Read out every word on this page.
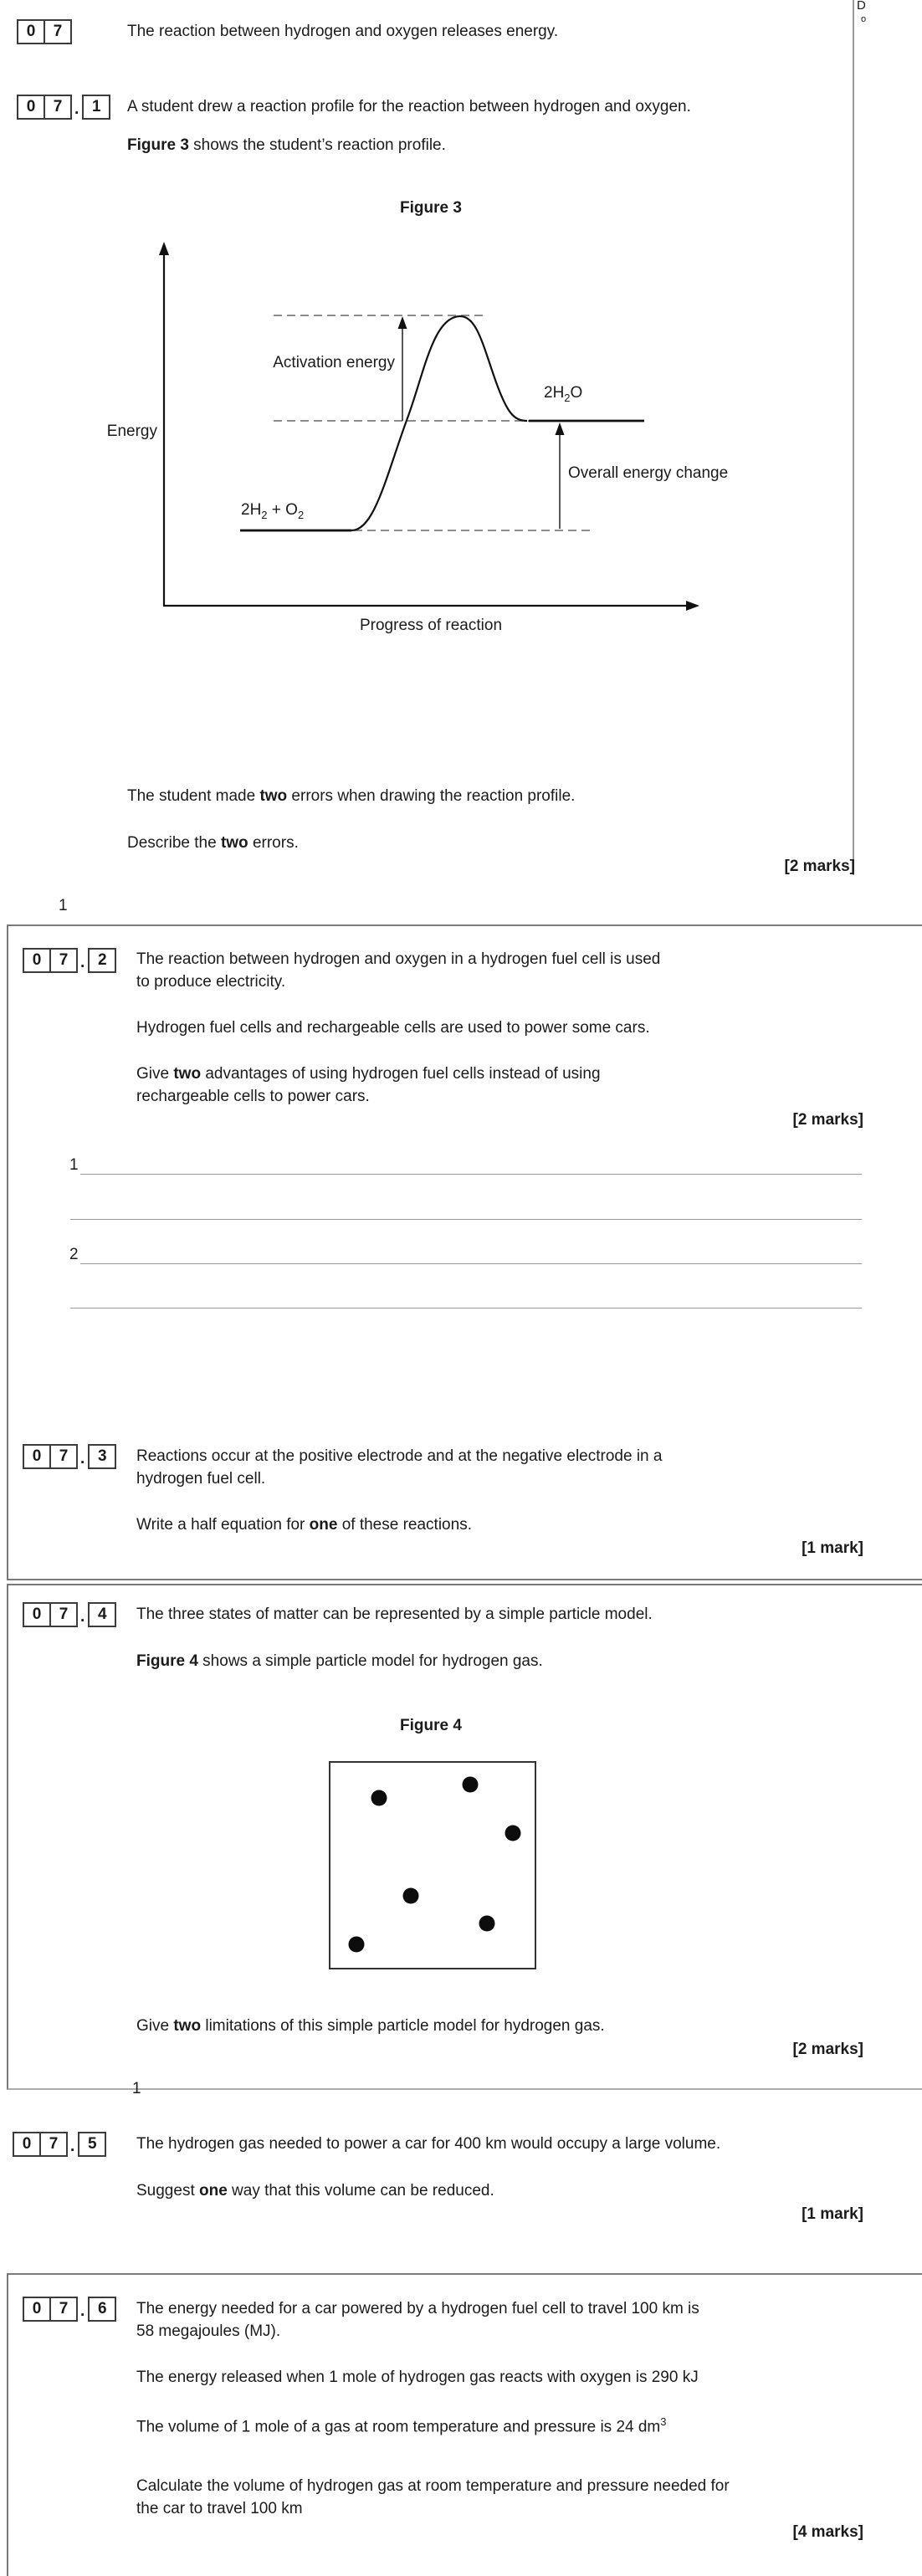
D
o
0	7	The reaction between hydrogen and oxygen releases energy.
0	7 . 1	A student drew a reaction profile for the reaction between hydrogen and oxygen.
Figure 3 shows the student’s reaction profile.
Figure 3
Energy
Activation energy
$2H_2O$
$2H_2 + O_2$
Overall energy change
Progress of reaction
The student made two errors when drawing the reaction profile.
Describe the two errors.
[2 marks]
1
0	7 . 2	The reaction between hydrogen and oxygen in a hydrogen fuel cell is used
to produce electricity.
Hydrogen fuel cells and rechargeable cells are used to power some cars.
Give two advantages of using hydrogen fuel cells instead of using
rechargeable cells to power cars.
[2 marks]
1
2
0	7 . 3	Reactions occur at the positive electrode and at the negative electrode in a
hydrogen fuel cell.
Write a half equation for one of these reactions.
[1 mark]
0	7 . 4	The three states of matter can be represented by a simple particle model.
Figure 4 shows a simple particle model for hydrogen gas.
Figure 4
Give two limitations of this simple particle model for hydrogen gas.
[2 marks]
1
0	7 . 5	The hydrogen gas needed to power a car for 400 km would occupy a large volume.
Suggest one way that this volume can be reduced.
[1 mark]
0	7 . 6	The energy needed for a car powered by a hydrogen fuel cell to travel 100 km is
58 megajoules (MJ).
The energy released when 1 mole of hydrogen gas reacts with oxygen is 290 kJ
The volume of 1 mole of a gas at room temperature and pressure is 24 $dm^3$
Calculate the volume of hydrogen gas at room temperature and pressure needed for
the car to travel 100 km
[4 marks]
